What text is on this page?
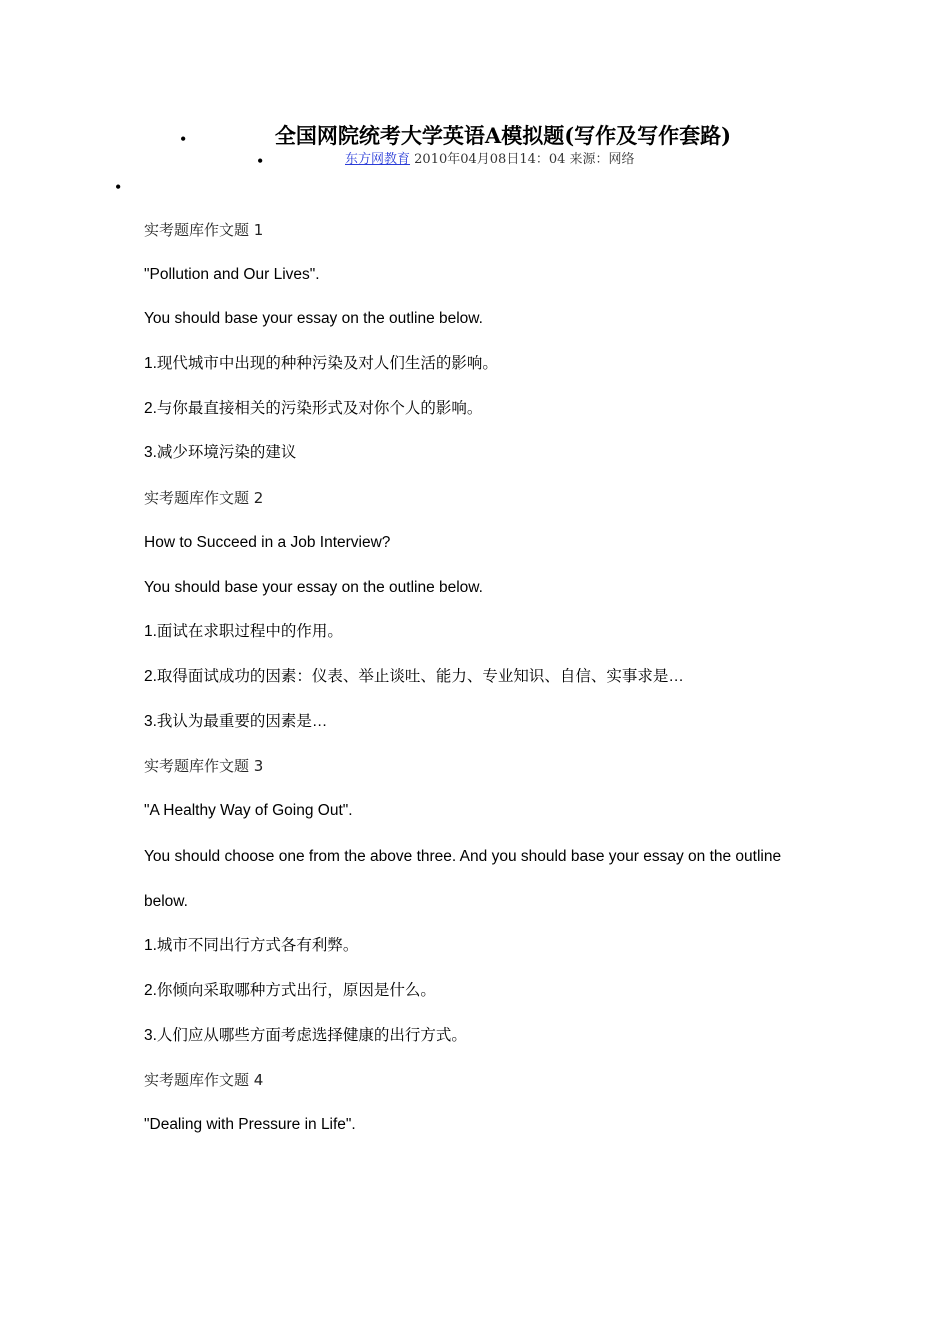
•	全国网院统考大学英语A模拟题(写作及写作套路)
•	东方网教育 2010年04月08日14：04 来源：网络
•

实考题库作文题 1

"Pollution and Our Lives".

You should base your essay on the outline below.

1.现代城市中出现的种种污染及对人们生活的影响。

2.与你最直接相关的污染形式及对你个人的影响。

3.减少环境污染的建议

实考题库作文题 2

How to Succeed in a Job Interview?

You should base your essay on the outline below.

1.面试在求职过程中的作用。

2.取得面试成功的因素：仪表、举止谈吐、能力、专业知识、自信、实事求是…

3.我认为最重要的因素是…

实考题库作文题 3

"A Healthy Way of Going Out".

You should choose one from the above three. And you should base your essay on the outline below.

1.城市不同出行方式各有利弊。

2.你倾向采取哪种方式出行，原因是什么。

3.人们应从哪些方面考虑选择健康的出行方式。

实考题库作文题 4

"Dealing with Pressure in Life".
